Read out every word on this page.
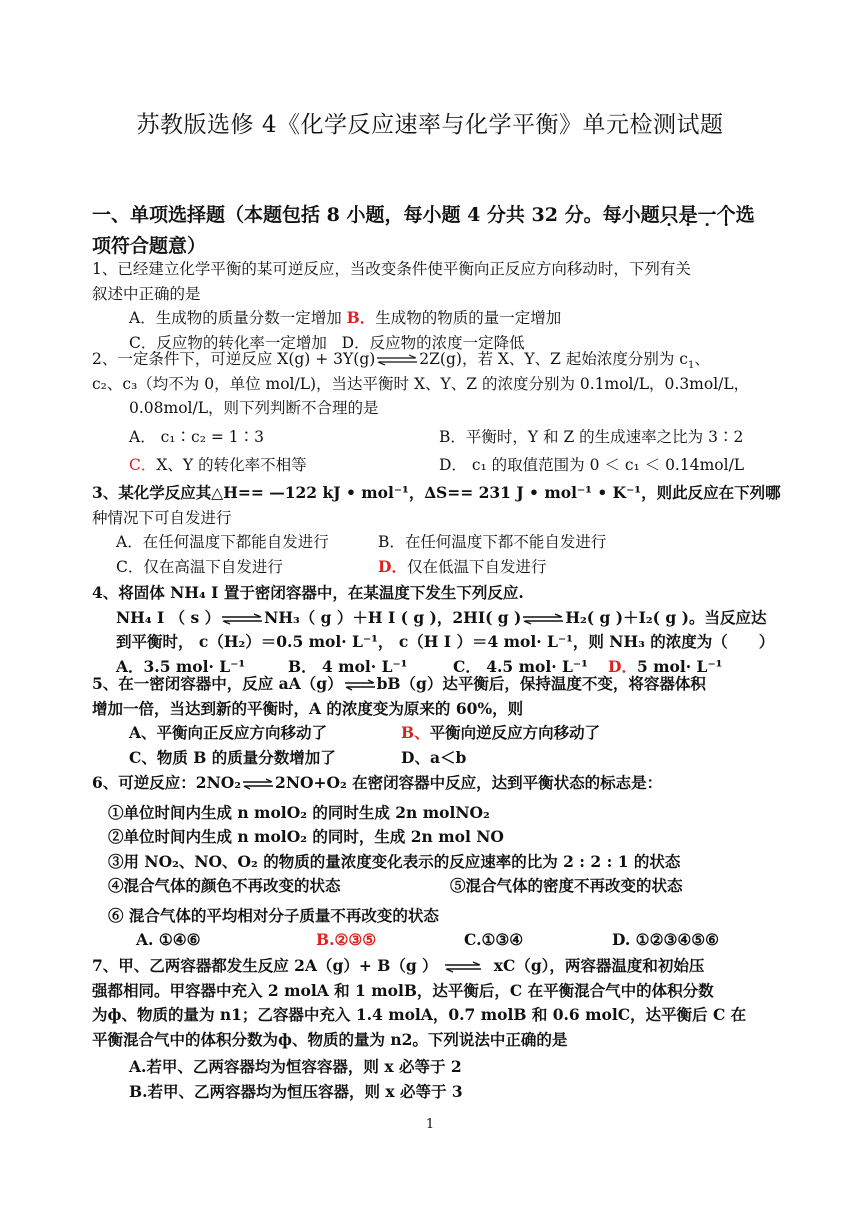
苏教版选修 4《化学反应速率与化学平衡》单元检测试题
一、单项选择题（本题包括 8 小题，每小题 4 分共 32 分。每小题只是一个选
项符合题意）
1、已经建立化学平衡的某可逆反应，当改变条件使平衡向正反应方向移动时，下列有关
叙述中正确的是
A．生成物的质量分数一定增加 B．生成物的物质的量一定增加
C．反应物的转化率一定增加 D．反应物的浓度一定降低
2、一定条件下，可逆反应 X(g) + 3Y(g)⇌2Z(g)，若 X、Y、Z 起始浓度分别为 $c_1$、
c₂、c₃（均不为 0，单位 mol/L)，当达平衡时 X、Y、Z 的浓度分别为 0.1mol/L，0.3mol/L，
0.08mol/L，则下列判断不合理的是
A． c₁∶c₂ = 1∶3	B．平衡时，Y 和 Z 的生成速率之比为 3∶2
C．X、Y 的转化率不相等	D． c₁ 的取值范围为 0 ＜ c₁ ＜ 0.14mol/L
3、某化学反应其△H== —122 kJ • mol⁻¹，∆S== 231 J • mol⁻¹ • K⁻¹，则此反应在下列哪
种情况下可自发进行
A．在任何温度下都能自发进行	B．在任何温度下都不能自发进行
C．仅在高温下自发进行	D．仅在低温下自发进行
4、将固体 NH₄ I 置于密闭容器中，在某温度下发生下列反应.
NH₄ I （ s ）⇌NH₃（ g ）＋H I ( g )，2HI( g )⇌H₂( g )＋I₂( g )。当反应达
到平衡时， c（H₂）＝0.5 mol· L⁻¹， c（H I ）＝4 mol· L⁻¹，则 NH₃ 的浓度为（　　）
A．3.5 mol· L⁻¹	B． 4 mol· L⁻¹	C． 4.5 mol· L⁻¹	D．5 mol· L⁻¹
5、在一密闭容器中，反应 aA（g）⇌bB（g）达平衡后，保持温度不变，将容器体积
增加一倍，当达到新的平衡时，A 的浓度变为原来的 60%，则
A、平衡向正反应方向移动了	B、平衡向逆反应方向移动了
C、物质 B 的质量分数增加了	D、a＜b
6、可逆反应：2NO₂⇌2NO+O₂ 在密闭容器中反应，达到平衡状态的标志是：
①单位时间内生成 n molO₂ 的同时生成 2n molNO₂
②单位时间内生成 n molO₂ 的同时，生成 2n mol NO
③用 NO₂、NO、O₂ 的物质的量浓度变化表示的反应速率的比为 2 : 2 : 1 的状态
④混合气体的颜色不再改变的状态	⑤混合气体的密度不再改变的状态
⑥ 混合气体的平均相对分子质量不再改变的状态
A. ①④⑥	B.②③⑤	C.①③④	D. ①②③④⑤⑥
7、甲、乙两容器都发生反应 2A（g）+ B（g ） ⇌ xC（g），两容器温度和初始压
强都相同。甲容器中充入 2 molA 和 1 molB，达平衡后，C 在平衡混合气中的体积分数
为ф、物质的量为 n1；乙容器中充入 1.4 molA，0.7 molB 和 0.6 molC，达平衡后 C 在
平衡混合气中的体积分数为ф、物质的量为 n2。下列说法中正确的是
A.若甲、乙两容器均为恒容容器，则 x 必等于 2
B.若甲、乙两容器均为恒压容器，则 x 必等于 3
1
